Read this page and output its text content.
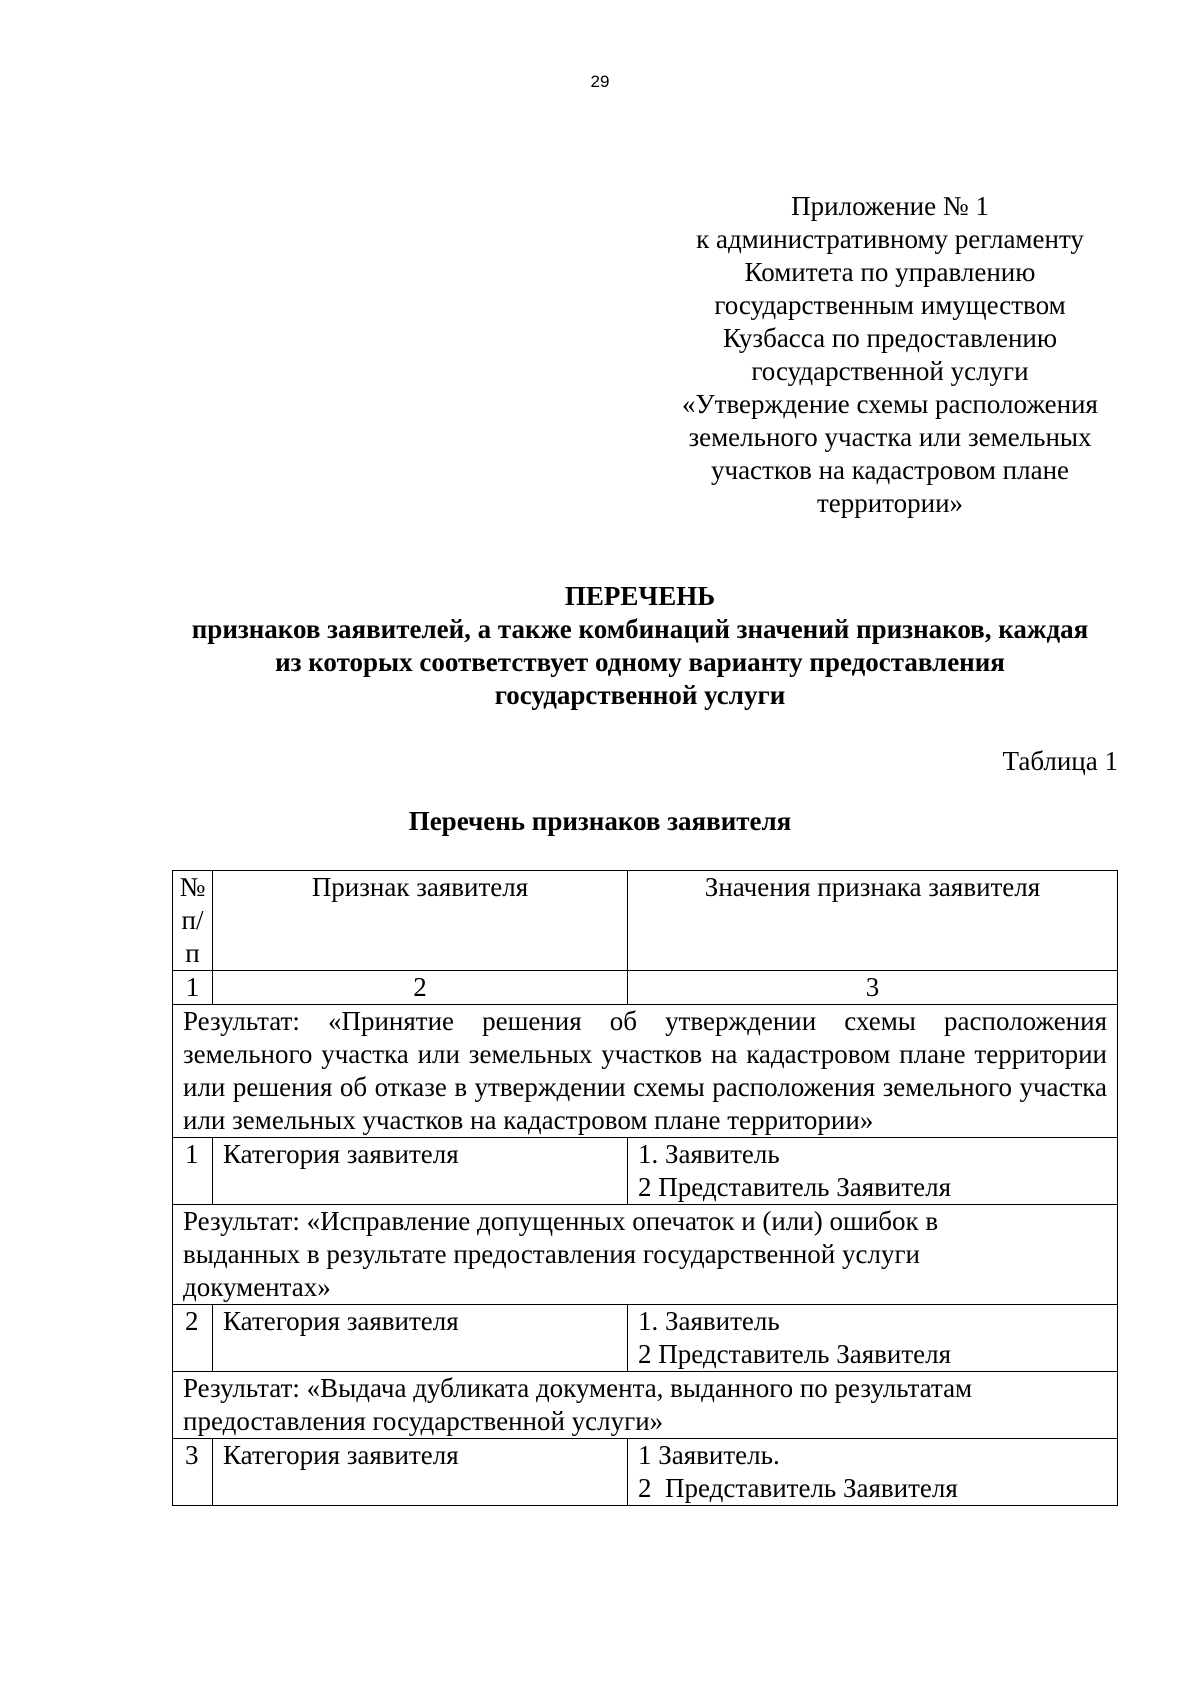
29
Приложение № 1
к административному регламенту
Комитета по управлению
государственным имуществом
Кузбасса по предоставлению
государственной услуги
«Утверждение схемы расположения
земельного участка или земельных
участков на кадастровом плане
территории»
ПЕРЕЧЕНЬ
признаков заявителей, а также комбинаций значений признаков, каждая
из которых соответствует одному варианту предоставления
государственной услуги
Таблица 1
Перечень признаков заявителя
№ п/п	Признак заявителя	Значения признака заявителя
1	2	3
Результат: «Принятие решения об утверждении схемы расположения земельного участка или земельных участков на кадастровом плане территории или решения об отказе в утверждении схемы расположения земельного участка или земельных участков на кадастровом плане территории»		
1	Категория заявителя	1. Заявитель
2 Представитель Заявителя

Результат: «Исправление допущенных опечаток и (или) ошибок в выданных в результате предоставления государственной услуги документах»		
2	Категория заявителя	1. Заявитель
2 Представитель Заявителя

Результат: «Выдача дубликата документа, выданного по результатам предоставления государственной услуги»		
3	Категория заявителя	1 Заявитель.
2  Представитель Заявителя
